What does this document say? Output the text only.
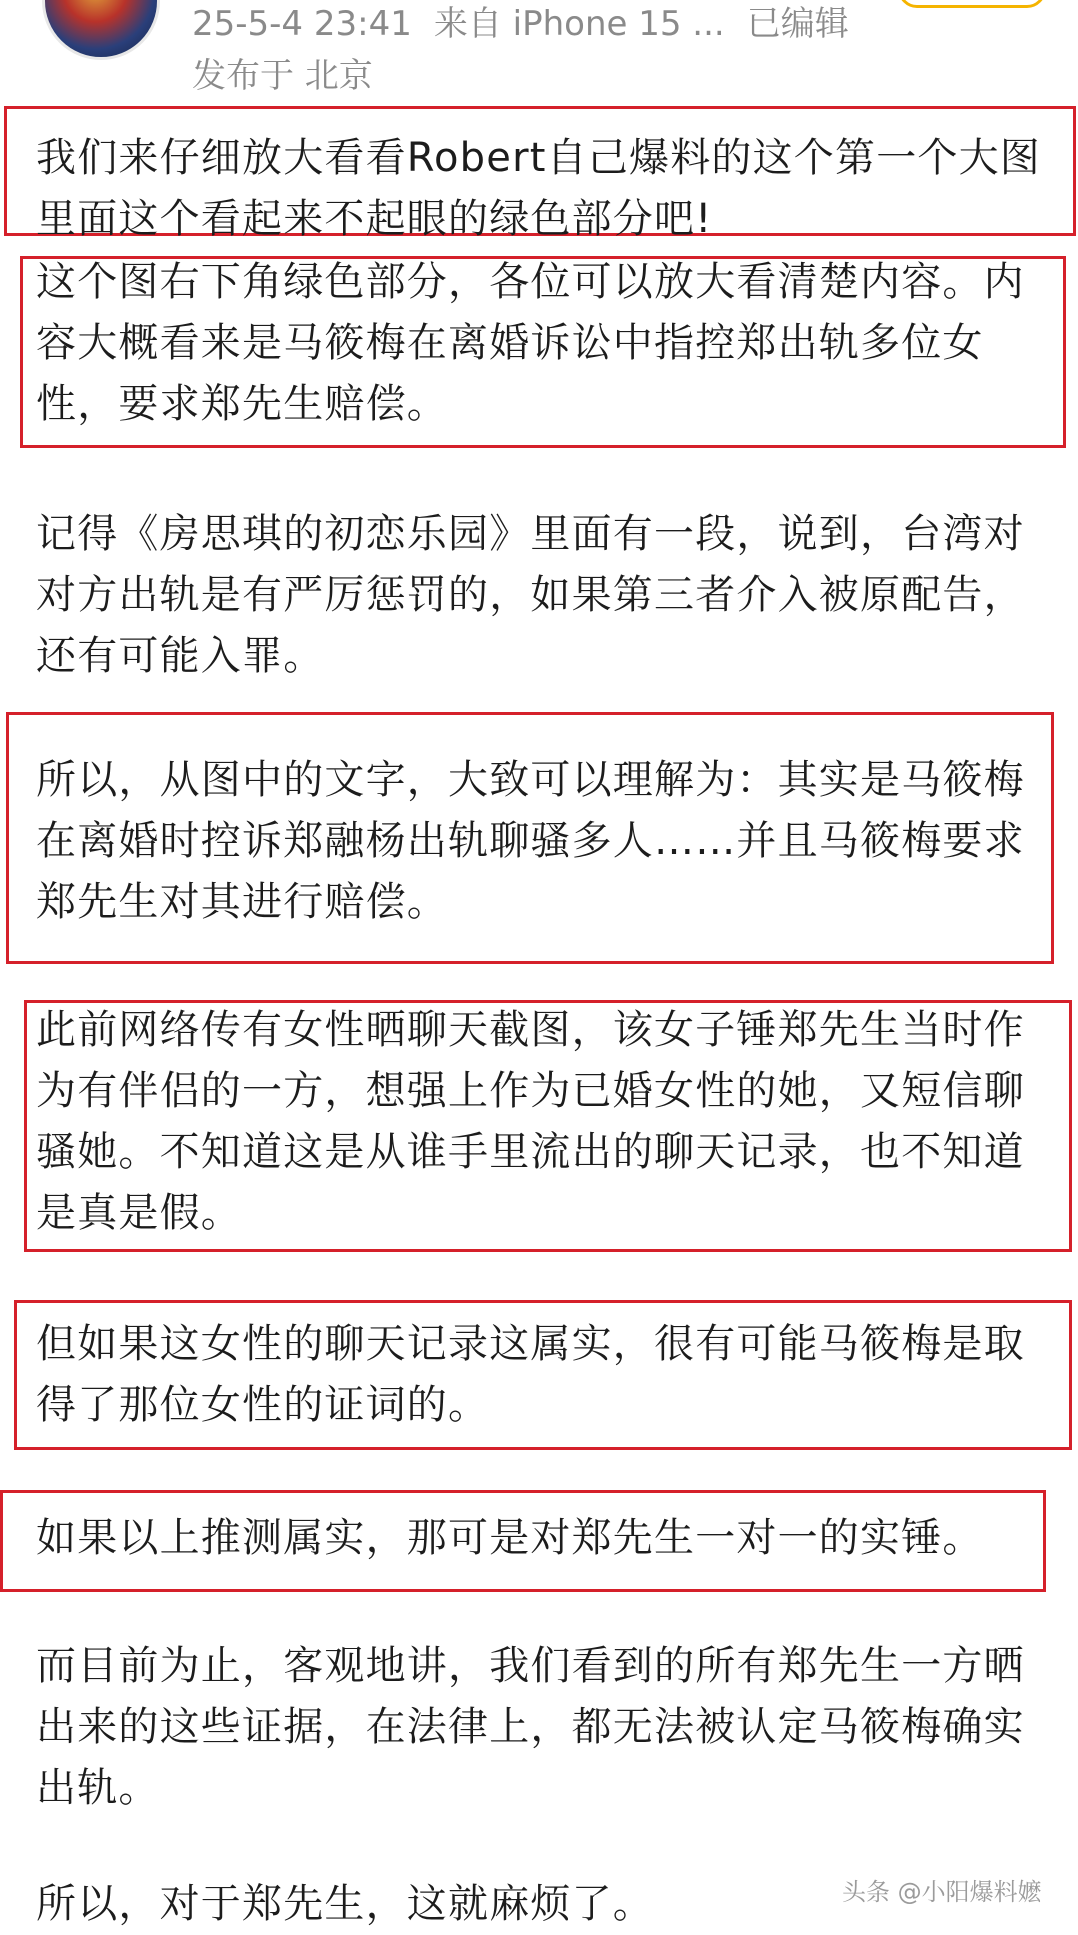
25-5-4 23:41 来自 iPhone 15 ... 已编辑
发布于 北京

我们来仔细放大看看Robert自己爆料的这个第一个大图里面这个看起来不起眼的绿色部分吧!

这个图右下角绿色部分，各位可以放大看清楚内容。内容大概看来是马筱梅在离婚诉讼中指控郑出轨多位女性，要求郑先生赔偿。

记得《房思琪的初恋乐园》里面有一段，说到，台湾对对方出轨是有严厉惩罚的，如果第三者介入被原配告，还有可能入罪。

所以，从图中的文字，大致可以理解为：其实是马筱梅在离婚时控诉郑融杨出轨聊骚多人……并且马筱梅要求郑先生对其进行赔偿。

此前网络传有女性晒聊天截图，该女子锤郑先生当时作为有伴侣的一方，想强上作为已婚女性的她，又短信聊骚她。不知道这是从谁手里流出的聊天记录，也不知道是真是假。

但如果这女性的聊天记录这属实，很有可能马筱梅是取得了那位女性的证词的。

如果以上推测属实，那可是对郑先生一对一的实锤。

而目前为止，客观地讲，我们看到的所有郑先生一方晒出来的这些证据，在法律上，都无法被认定马筱梅确实出轨。

所以，对于郑先生，这就麻烦了。	头条 @小阳爆料嬷
